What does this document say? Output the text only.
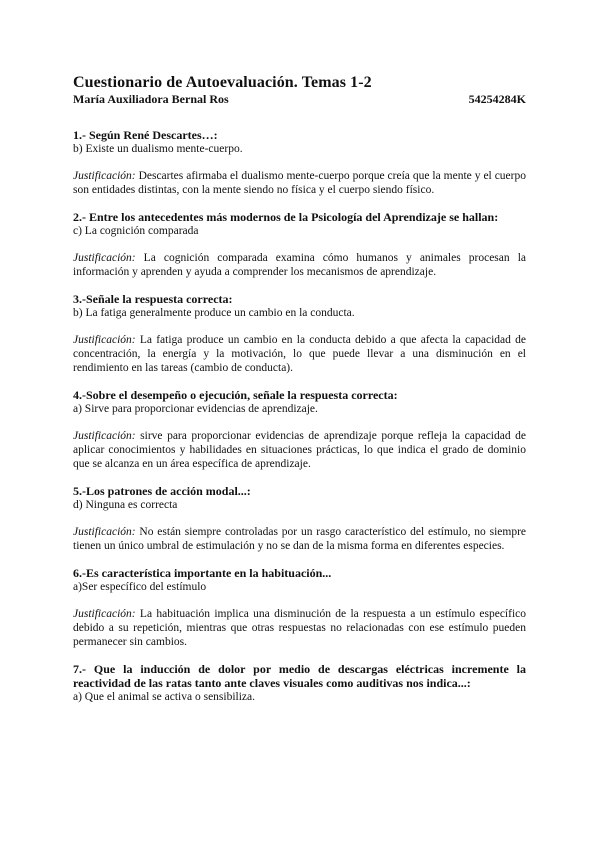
Cuestionario de Autoevaluación. Temas 1-2
María Auxiliadora Bernal Ros	54254284K

1.- Según René Descartes…:

b) Existe un dualismo mente-cuerpo.

Justificación: Descartes afirmaba el dualismo mente-cuerpo porque creía que la mente y el cuerpo son entidades distintas, con la mente siendo no física y el cuerpo siendo físico.

2.- Entre los antecedentes más modernos de la Psicología del Aprendizaje se hallan:

c) La cognición comparada

Justificación: La cognición comparada examina cómo humanos y animales procesan la información y aprenden y ayuda a comprender los mecanismos de aprendizaje.

3.-Señale la respuesta correcta:

b) La fatiga generalmente produce un cambio en la conducta.

Justificación: La fatiga produce un cambio en la conducta debido a que afecta la capacidad de concentración, la energía y la motivación, lo que puede llevar a una disminución en el rendimiento en las tareas (cambio de conducta).

4.-Sobre el desempeño o ejecución, señale la respuesta correcta:

a) Sirve para proporcionar evidencias de aprendizaje.

Justificación: sirve para proporcionar evidencias de aprendizaje porque refleja la capacidad de aplicar conocimientos y habilidades en situaciones prácticas, lo que indica el grado de dominio que se alcanza en un área específica de aprendizaje.

5.-Los patrones de acción modal...:

d) Ninguna es correcta

Justificación: No están siempre controladas por un rasgo característico del estímulo, no siempre tienen un único umbral de estimulación y no se dan de la misma forma en diferentes especies.

6.-Es característica importante en la habituación...

a)Ser específico del estímulo

Justificación: La habituación implica una disminución de la respuesta a un estímulo específico debido a su repetición, mientras que otras respuestas no relacionadas con ese estímulo pueden permanecer sin cambios.

7.- Que la inducción de dolor por medio de descargas eléctricas incremente la reactividad de las ratas tanto ante claves visuales como auditivas nos indica...:

a) Que el animal se activa o sensibiliza.
